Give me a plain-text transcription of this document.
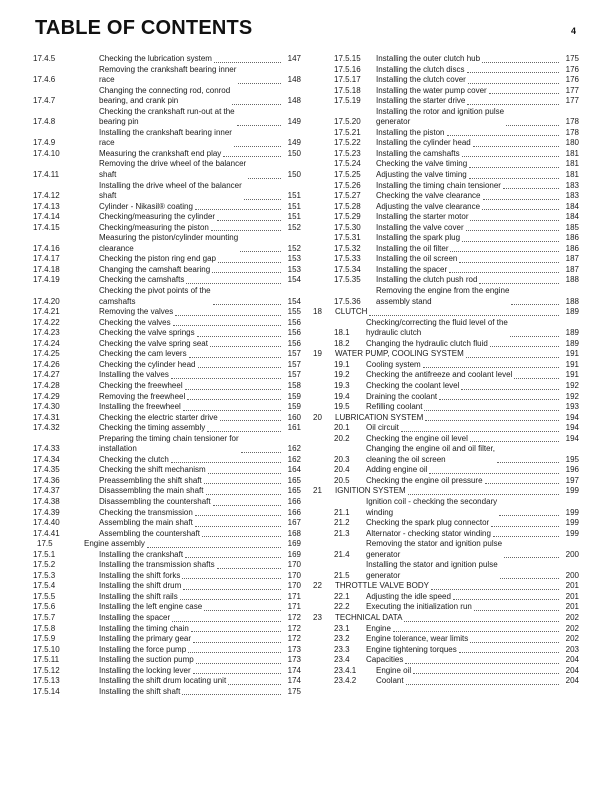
TABLE OF CONTENTS	4
17.4.5	Checking the lubrication system	147
17.4.6
Removing the crankshaft bearing inner
race	148
17.4.7
Changing the connecting rod, conrod
bearing, and crank pin	148
17.4.8
Checking the crankshaft run-out at the
bearing pin	149
17.4.9
Installing the crankshaft bearing inner
race	149
17.4.10	Measuring the crankshaft end play	150
17.4.11
Removing the drive wheel of the balancer
shaft	150
17.4.12
Installing the drive wheel of the balancer
shaft	151
17.4.13	Cylinder - Nikasil® coating	151
17.4.14	Checking/measuring the cylinder	151
17.4.15	Checking/measuring the piston	152
17.4.16
Measuring the piston/cylinder mounting
clearance	152
17.4.17	Checking the piston ring end gap	153
17.4.18	Changing the camshaft bearing	153
17.4.19	Checking the camshafts	154
17.4.20
Checking the pivot points of the
camshafts	154
17.4.21	Removing the valves	155
17.4.22	Checking the valves	156
17.4.23	Checking the valve springs	156
17.4.24	Checking the valve spring seat	156
17.4.25	Checking the cam levers	157
17.4.26	Checking the cylinder head	157
17.4.27	Installing the valves	157
17.4.28	Checking the freewheel	158
17.4.29	Removing the freewheel	159
17.4.30	Installing the freewheel	159
17.4.31	Checking the electric starter drive	160
17.4.32	Checking the timing assembly	161
17.4.33
Preparing the timing chain tensioner for
installation	162
17.4.34	Checking the clutch	162
17.4.35	Checking the shift mechanism	164
17.4.36	Preassembling the shift shaft	165
17.4.37	Disassembling the main shaft	165
17.4.38	Disassembling the countershaft	166
17.4.39	Checking the transmission	166
17.4.40	Assembling the main shaft	167
17.4.41	Assembling the countershaft	168
17.5	Engine assembly	169
17.5.1	Installing the crankshaft	169
17.5.2	Installing the transmission shafts	170
17.5.3	Installing the shift forks	170
17.5.4	Installing the shift drum	170
17.5.5	Installing the shift rails	171
17.5.6	Installing the left engine case	171
17.5.7	Installing the spacer	172
17.5.8	Installing the timing chain	172
17.5.9	Installing the primary gear	172
17.5.10	Installing the force pump	173
17.5.11	Installing the suction pump	173
17.5.12	Installing the locking lever	174
17.5.13	Installing the shift drum locating unit	174
17.5.14	Installing the shift shaft	175
17.5.15	Installing the outer clutch hub	175
17.5.16	Installing the clutch discs	176
17.5.17	Installing the clutch cover	176
17.5.18	Installing the water pump cover	177
17.5.19	Installing the starter drive	177
17.5.20
Installing the rotor and ignition pulse
generator	178
17.5.21	Installing the piston	178
17.5.22	Installing the cylinder head	180
17.5.23	Installing the camshafts	181
17.5.24	Checking the valve timing	181
17.5.25	Adjusting the valve timing	181
17.5.26	Installing the timing chain tensioner	183
17.5.27	Checking the valve clearance	183
17.5.28	Adjusting the valve clearance	184
17.5.29	Installing the starter motor	184
17.5.30	Installing the valve cover	185
17.5.31	Installing the spark plug	186
17.5.32	Installing the oil filter	186
17.5.33	Installing the oil screen	187
17.5.34	Installing the spacer	187
17.5.35	Installing the clutch push rod	188
17.5.36
Removing the engine from the engine
assembly stand	188
18	CLUTCH	189
18.1
Checking/correcting the fluid level of the
hydraulic clutch	189
18.2	Changing the hydraulic clutch fluid	189
19	WATER PUMP, COOLING SYSTEM	191
19.1	Cooling system	191
19.2	Checking the antifreeze and coolant level	191
19.3	Checking the coolant level	192
19.4	Draining the coolant	192
19.5	Refilling coolant	193
20	LUBRICATION SYSTEM	194
20.1	Oil circuit	194
20.2	Checking the engine oil level	194
20.3
Changing the engine oil and oil filter,
cleaning the oil screen	195
20.4	Adding engine oil	196
20.5	Checking the engine oil pressure	197
21	IGNITION SYSTEM	199
21.1
Ignition coil - checking the secondary
winding	199
21.2	Checking the spark plug connector	199
21.3	Alternator - checking stator winding	199
21.4
Removing the stator and ignition pulse
generator	200
21.5
Installing the stator and ignition pulse
generator	200
22	THROTTLE VALVE BODY	201
22.1	Adjusting the idle speed	201
22.2	Executing the initialization run	201
23	TECHNICAL DATA	202
23.1	Engine	202
23.2	Engine tolerance, wear limits	202
23.3	Engine tightening torques	203
23.4	Capacities	204
23.4.1	Engine oil	204
23.4.2	Coolant	204
